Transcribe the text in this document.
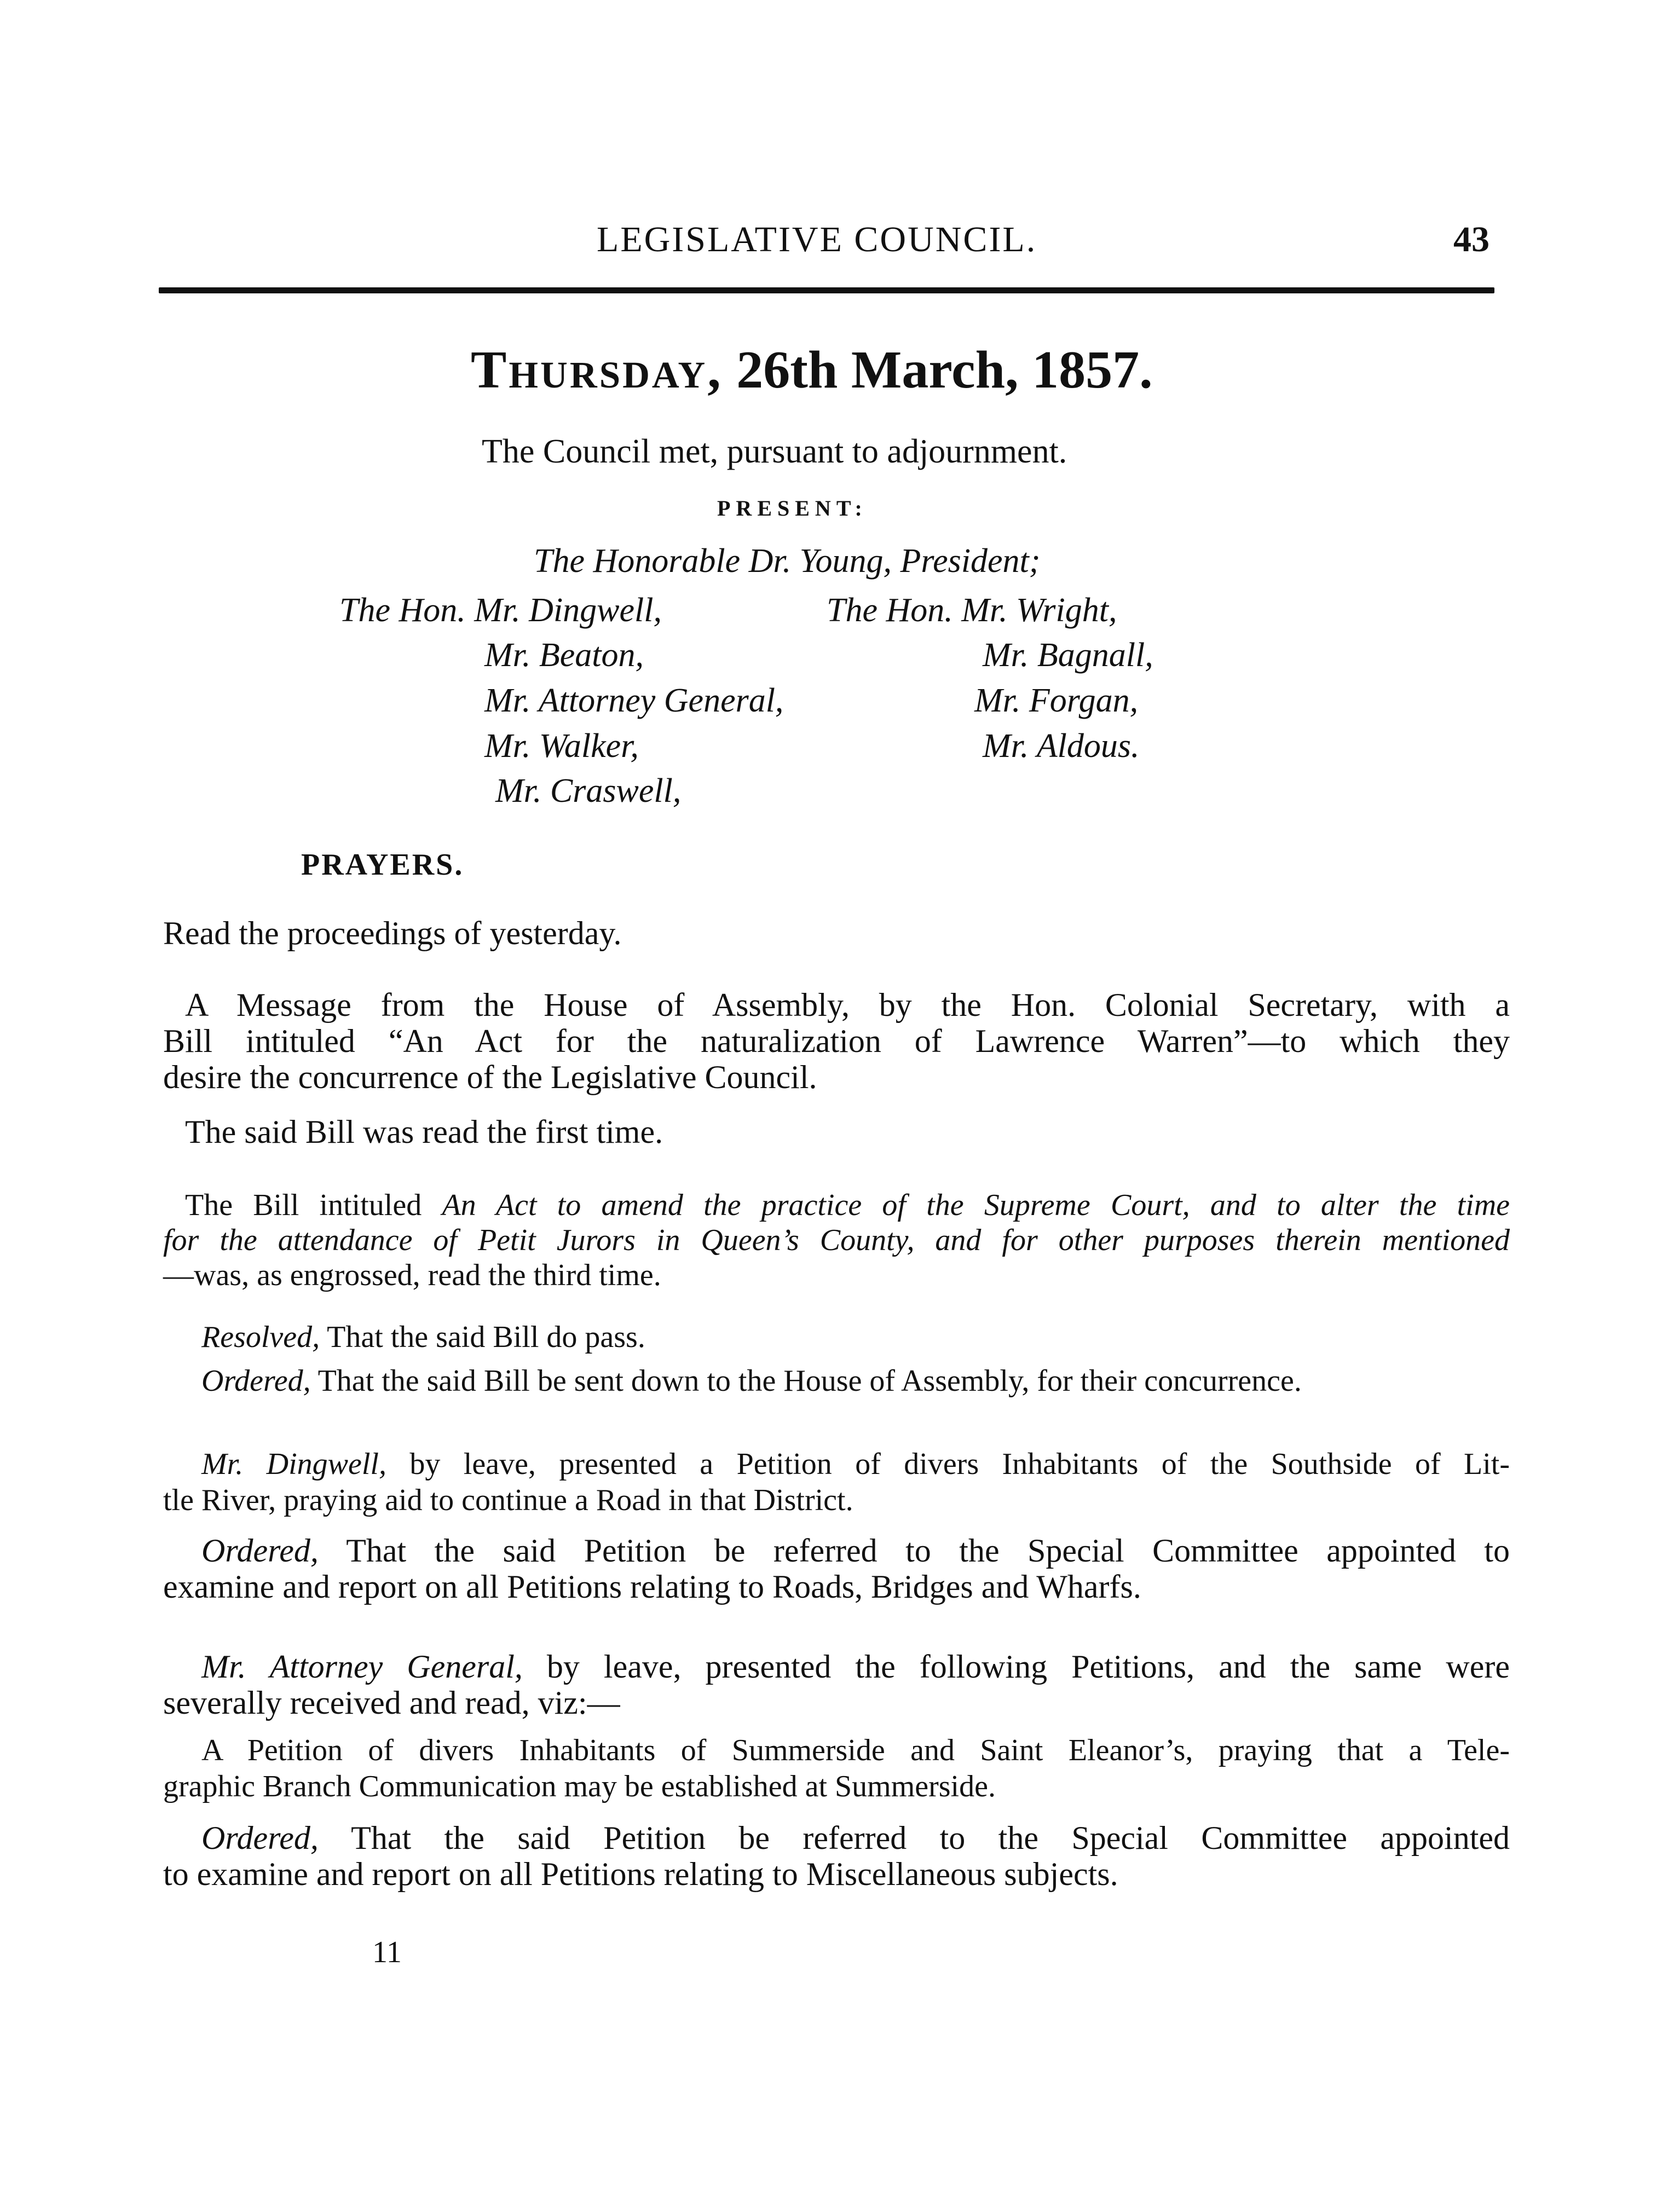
LEGISLATIVE COUNCIL.	43
Thursday, 26th March, 1857.
The Council met, pursuant to adjournment.
PRESENT:
The Honorable Dr. Young, President;
The Hon. Mr. Dingwell,
Mr. Beaton,
Mr. Attorney General,
Mr. Walker,
Mr. Craswell,
The Hon. Mr. Wright,
Mr. Bagnall,
Mr. Forgan,
Mr. Aldous.
PRAYERS.
Read the proceedings of yesterday.
A Message from the House of Assembly, by the Hon. Colonial Secretary, with a
Bill intituled “An Act for the naturalization of Lawrence Warren”—to which they
desire the concurrence of the Legislative Council.
The said Bill was read the first time.
The Bill intituled An Act to amend the practice of the Supreme Court, and to alter the time
for the attendance of Petit Jurors in Queen’s County, and for other purposes therein mentioned
—was, as engrossed, read the third time.
Resolved, That the said Bill do pass.
Ordered, That the said Bill be sent down to the House of Assembly, for their concurrence.
Mr. Dingwell, by leave, presented a Petition of divers Inhabitants of the Southside of Lit-
tle River, praying aid to continue a Road in that District.
Ordered, That the said Petition be referred to the Special Committee appointed to
examine and report on all Petitions relating to Roads, Bridges and Wharfs.
Mr. Attorney General, by leave, presented the following Petitions, and the same were
severally received and read, viz:—
A Petition of divers Inhabitants of Summerside and Saint Eleanor’s, praying that a Tele-
graphic Branch Communication may be established at Summerside.
Ordered, That the said Petition be referred to the Special Committee appointed
to examine and report on all Petitions relating to Miscellaneous subjects.
11
